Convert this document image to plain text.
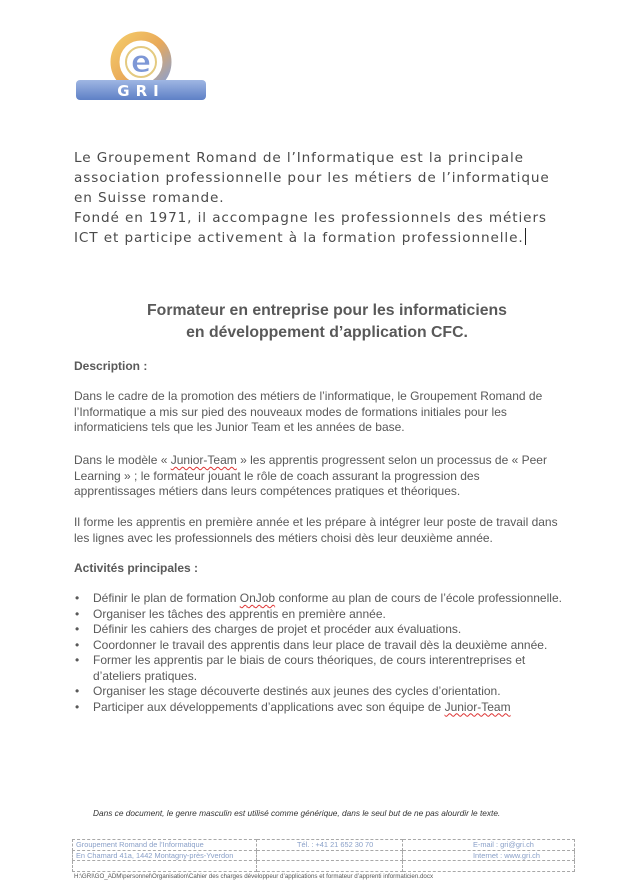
e
GRI

Le Groupement Romand de l’Informatique est la principale association professionnelle pour les métiers de l’informatique en Suisse romande.

Fondé en 1971, il accompagne les professionnels des métiers ICT et participe activement à la formation professionnelle.

Formateur en entreprise pour les informaticiens
en développement d’application CFC.
Description :

Dans le cadre de la promotion des métiers de l’informatique, le Groupement Romand de l’Informatique a mis sur pied des nouveaux modes de formations initiales pour les informaticiens tels que les Junior Team et les années de base.

Dans le modèle « Junior-Team » les apprentis progressent selon un processus de « Peer Learning » ; le formateur jouant le rôle de coach assurant la progression des apprentissages métiers dans leurs compétences pratiques et théoriques.

Il forme les apprentis en première année et les prépare à intégrer leur poste de travail dans les lignes avec les professionnels des métiers choisi dès leur deuxième année.

Activités principales :
• Définir le plan de formation OnJob conforme au plan de cours de l’école professionnelle.
• Organiser les tâches des apprentis en première année.
• Définir les cahiers des charges de projet et procéder aux évaluations.
• Coordonner le travail des apprentis dans leur place de travail dès la deuxième année.
• Former les apprentis par le biais de cours théoriques, de cours interentreprises et d’ateliers pratiques.
• Organiser les stage découverte destinés aux jeunes des cycles d’orientation.
• Participer aux développements d’applications avec son équipe de Junior-Team
Dans ce document, le genre masculin est utilisé comme générique, dans le seul but de ne pas alourdir le texte.
Groupement Romand de l’Informatique	Tél. : +41 21 652 30 70	E-mail : gri@gri.ch
En Chamard 41a, 1442 Montagny-près-Yverdon		Internet : www.gri.ch

H:\GRI\GO_ADM\personnel\Organisation\Cahier des charges développeur d’applications et formateur d’apprenti informaticien.docx
